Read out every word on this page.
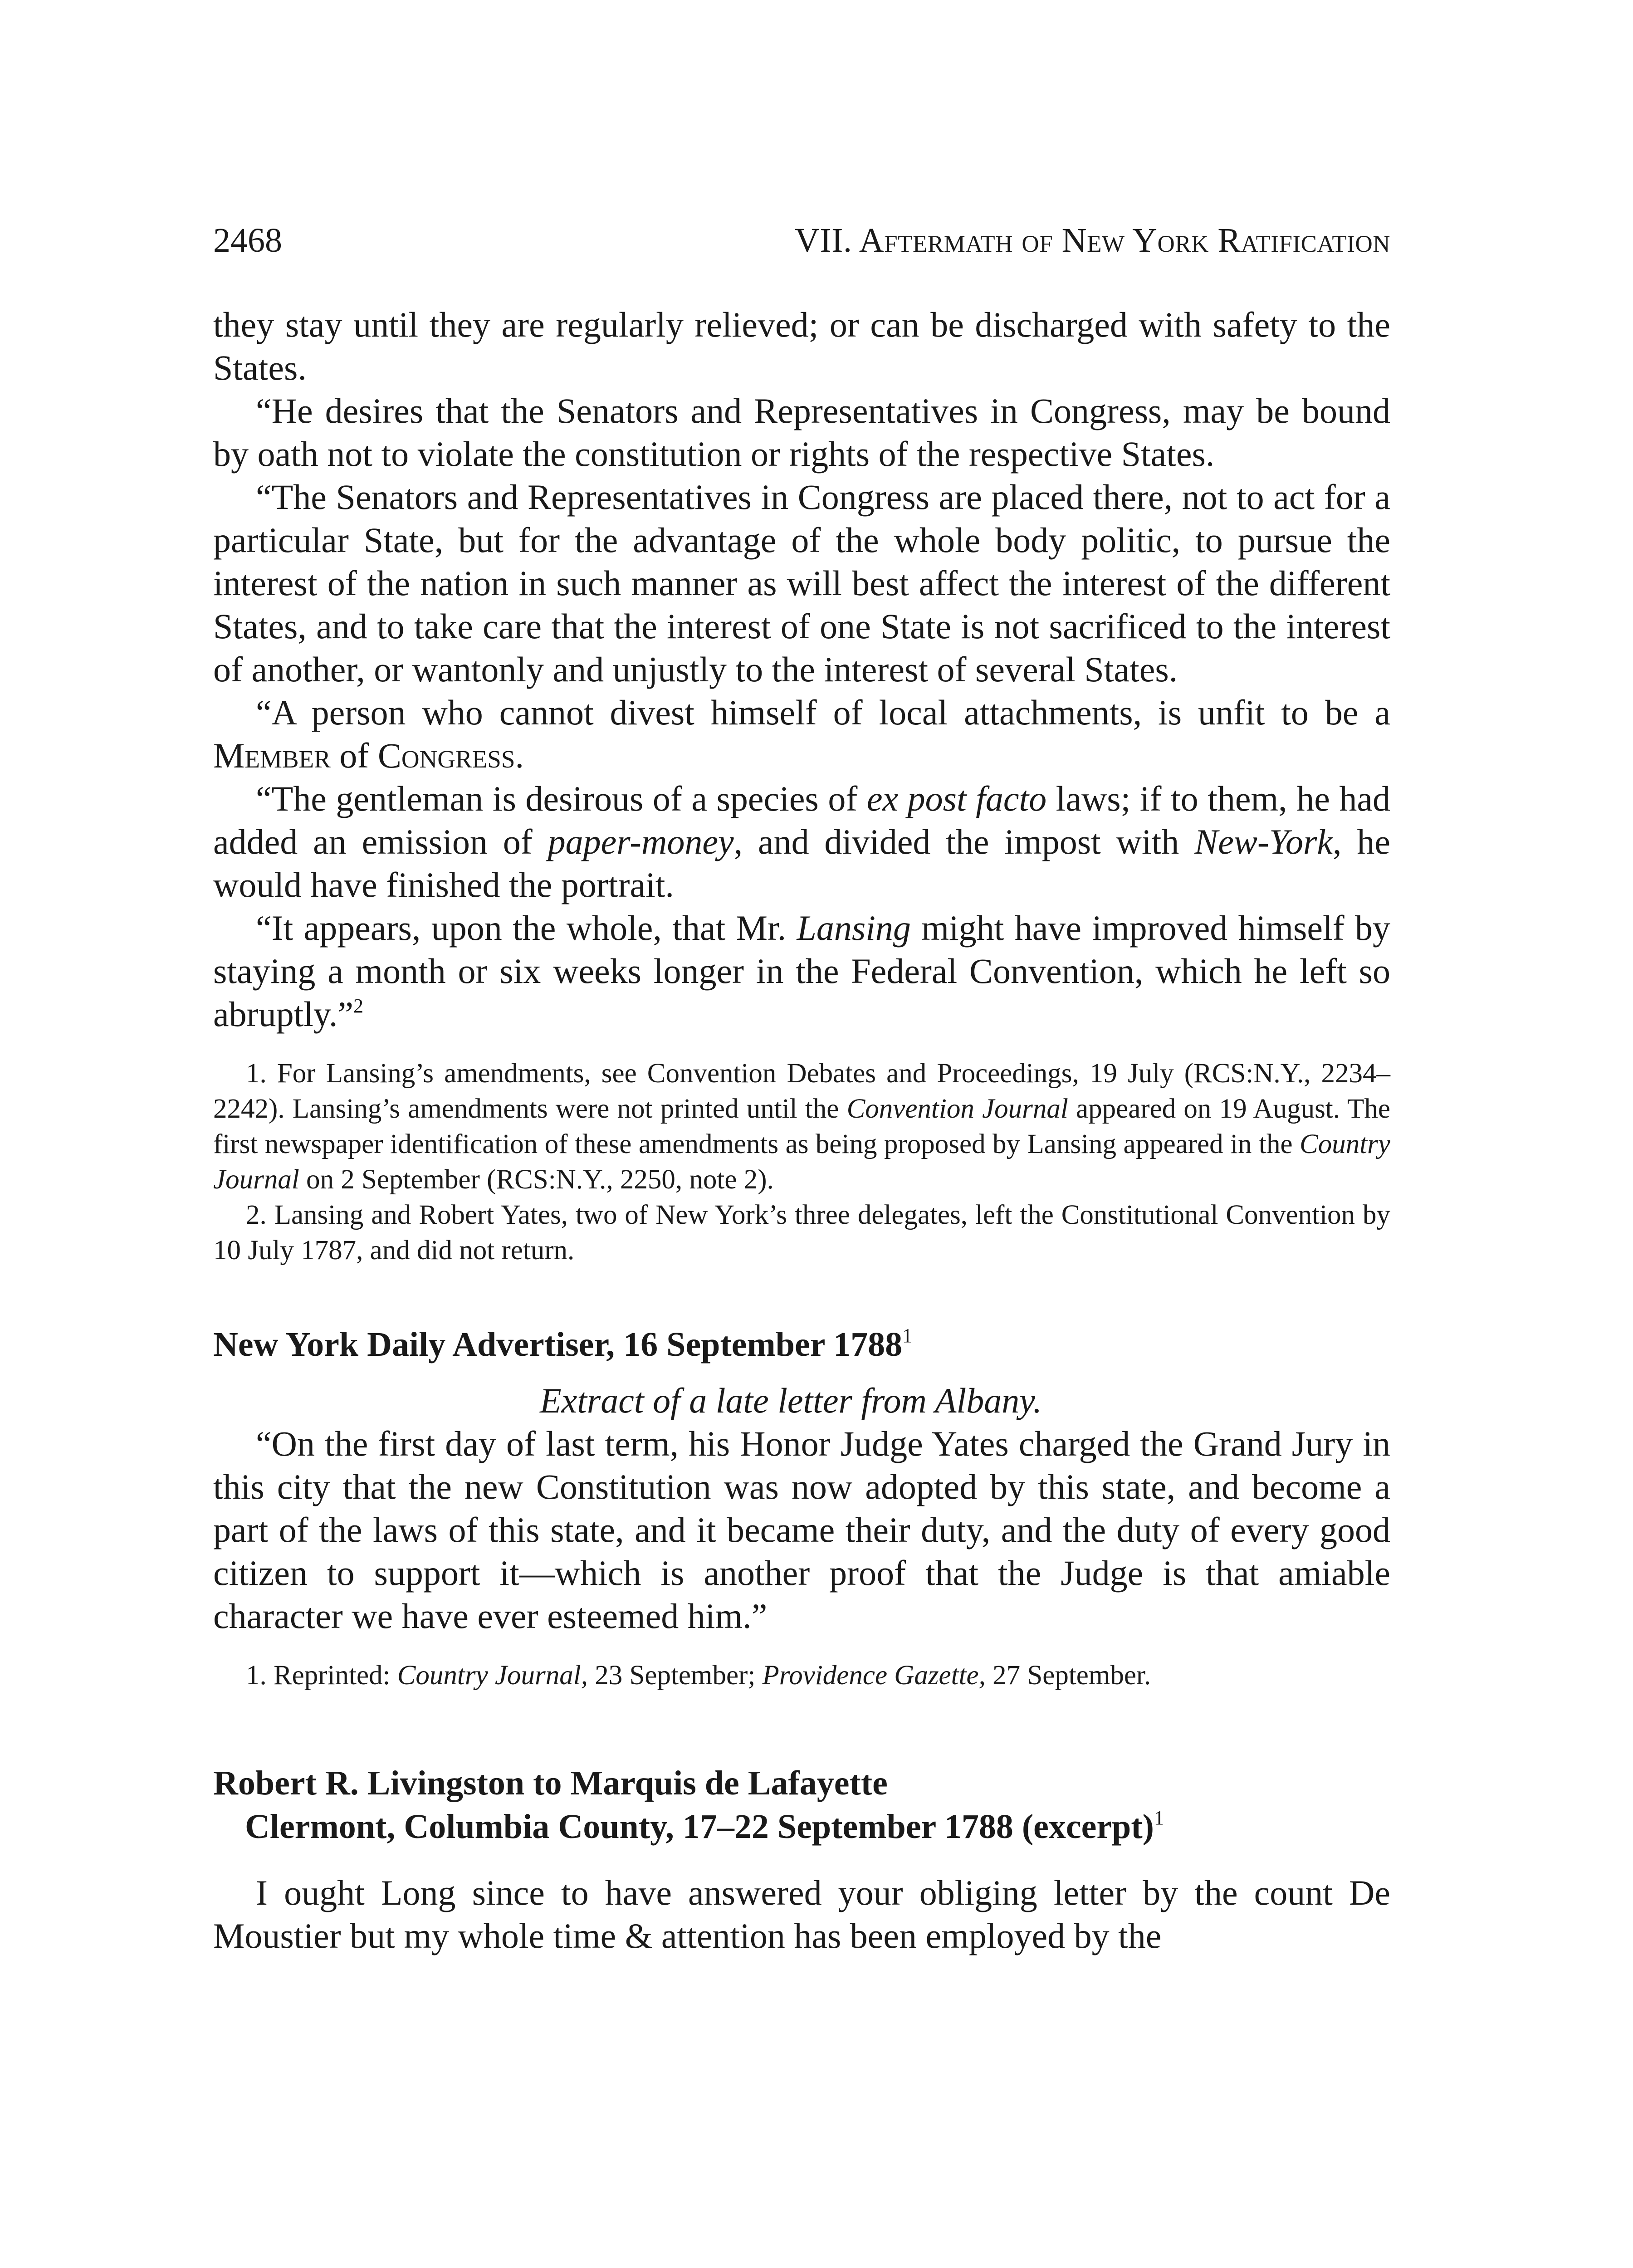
2468	VII. Aftermath of New York Ratification

they stay until they are regularly relieved; or can be discharged with safety to the States.

“He desires that the Senators and Representatives in Congress, may be bound by oath not to violate the constitution or rights of the respective States.

“The Senators and Representatives in Congress are placed there, not to act for a particular State, but for the advantage of the whole body politic, to pursue the interest of the nation in such manner as will best affect the interest of the different States, and to take care that the interest of one State is not sacrificed to the interest of another, or wantonly and unjustly to the interest of several States.

“A person who cannot divest himself of local attachments, is unfit to be a Member of Congress.

“The gentleman is desirous of a species of ex post facto laws; if to them, he had added an emission of paper-money, and divided the impost with New-York, he would have finished the portrait.

“It appears, upon the whole, that Mr. Lansing might have improved himself by staying a month or six weeks longer in the Federal Convention, which he left so abruptly.”$^2$

1. For Lansing’s amendments, see Convention Debates and Proceedings, 19 July (RCS:N.Y., 2234–2242). Lansing’s amendments were not printed until the Convention Journal appeared on 19 August. The first newspaper identification of these amendments as being proposed by Lansing appeared in the Country Journal on 2 September (RCS:N.Y., 2250, note 2).

2. Lansing and Robert Yates, two of New York’s three delegates, left the Constitutional Convention by 10 July 1787, and did not return.

New York Daily Advertiser, 16 September 1788$^1$
Extract of a late letter from Albany.

“On the first day of last term, his Honor Judge Yates charged the Grand Jury in this city that the new Constitution was now adopted by this state, and become a part of the laws of this state, and it became their duty, and the duty of every good citizen to support it—which is another proof that the Judge is that amiable character we have ever esteemed him.”

1. Reprinted: Country Journal, 23 September; Providence Gazette, 27 September.

Robert R. Livingston to Marquis de Lafayette
Clermont, Columbia County, 17–22 September 1788 (excerpt)$^1$

I ought Long since to have answered your obliging letter by the count De Moustier but my whole time & attention has been employed by the
